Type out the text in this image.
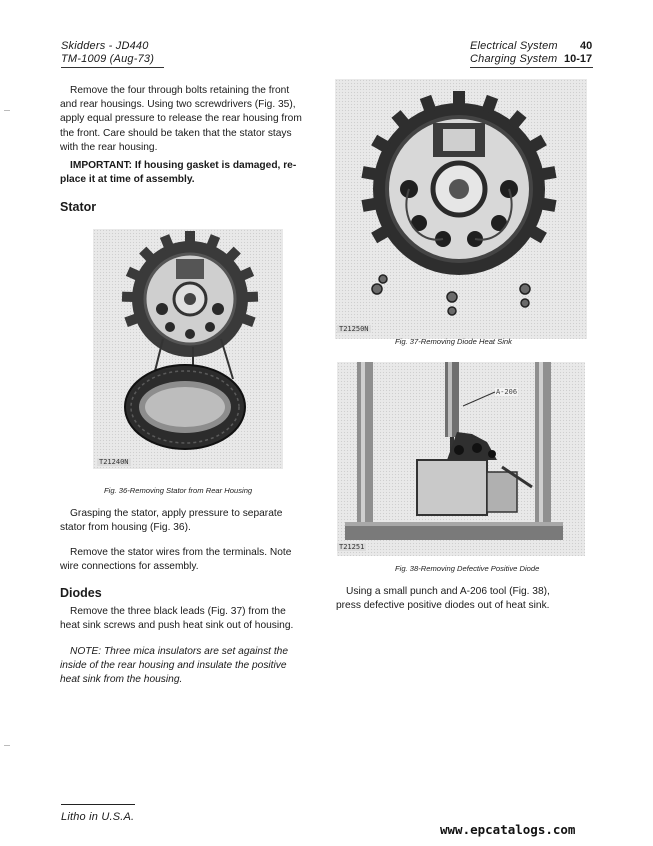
Skidders - JD440
TM-1009 (Aug-73)
Electrical System
Charging System
40
10-17
Remove the four through bolts retaining the front
and rear housings. Using two screwdrivers (Fig. 35),
apply equal pressure to release the rear housing from
the front. Care should be taken that the stator stays
with the rear housing.
IMPORTANT: If housing gasket is damaged, re-
place it at time of assembly.
Stator
T21240N
Fig. 36-Removing Stator from Rear Housing
Grasping the stator, apply pressure to separate
stator from housing (Fig. 36).
Remove the stator wires from the terminals. Note
wire connections for assembly.
Diodes
Remove the three black leads (Fig. 37) from the
heat sink screws and push heat sink out of housing.
NOTE: Three mica insulators are set against the
inside of the rear housing and insulate the positive
heat sink from the housing.
T21250N
Fig. 37-Removing Diode Heat Sink
A-206
T21251
Fig. 38-Removing Defective Positive Diode
Using a small punch and A-206 tool (Fig. 38),
press defective positive diodes out of heat sink.
Litho in U.S.A.
www.epcatalogs.com
